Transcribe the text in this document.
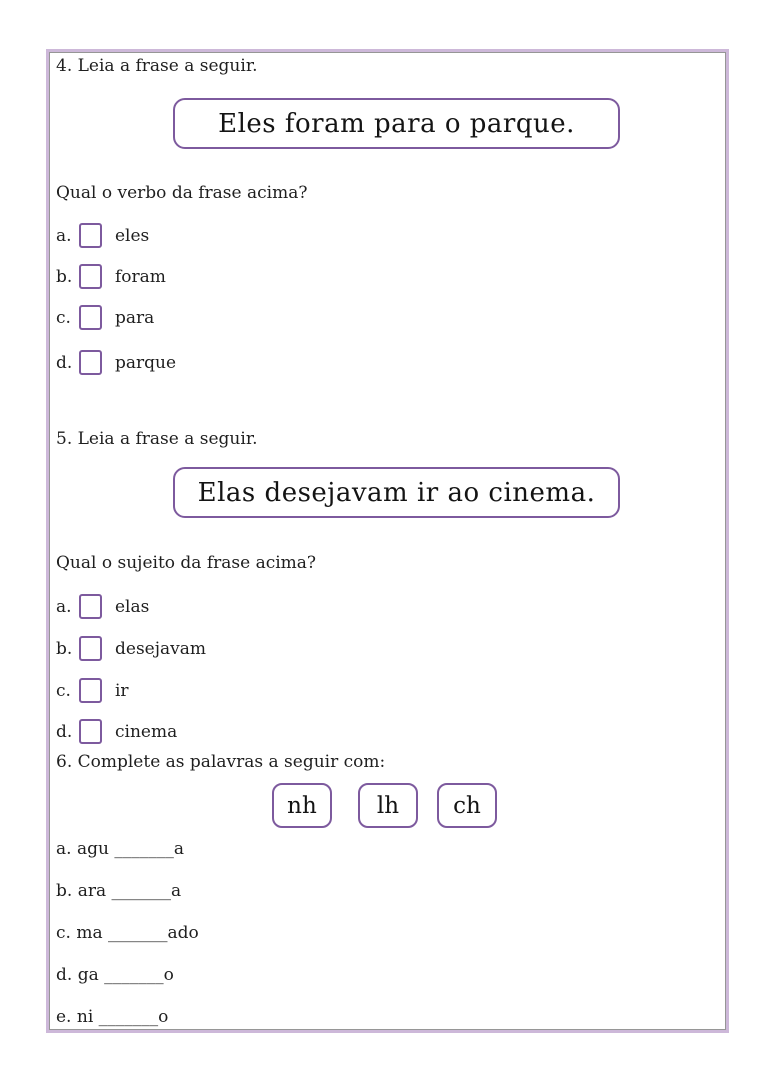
4. Leia a frase a seguir.
Eles foram para o parque.
Qual o verbo da frase acima?
a.	eles
b.	foram
c.	para
d.	parque
5. Leia a frase a seguir.
Elas desejavam ir ao cinema.
Qual o sujeito da frase acima?
a.	elas
b.	desejavam
c.	ir
d.	cinema
6. Complete as palavras a seguir com:
nh	lh ch
a. agu _______a
b. ara _______a
c. ma _______ado
d. ga _______o
e. ni _______o
